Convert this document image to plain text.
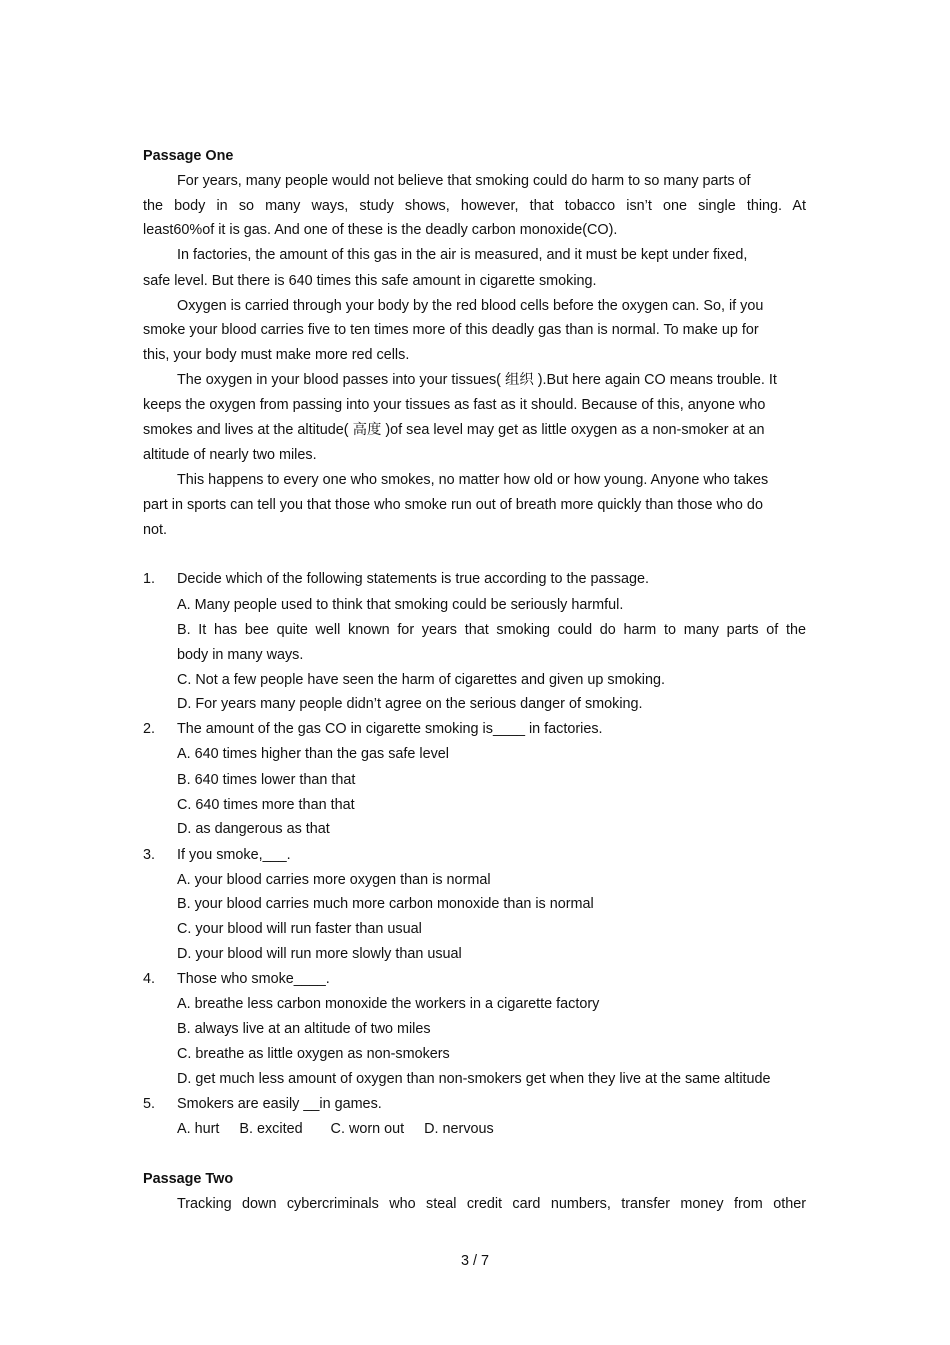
Passage One
For years, many people would not believe that smoking could do harm to so many parts of
the body in so many ways, study shows, however, that tobacco isn’t one single thing. At
least60%of it is gas. And one of these is the deadly carbon monoxide(CO).
In factories, the amount of this gas in the air is measured, and it must be kept under fixed,
safe level. But there is 640 times this safe amount in cigarette smoking.
Oxygen is carried through your body by the red blood cells before the oxygen can. So, if you
smoke your blood carries five to ten times more of this deadly gas than is normal. To make up for
this, your body must make more red cells.
The oxygen in your blood passes into your tissues( 组织 ).But here again CO means trouble. It
keeps the oxygen from passing into your tissues as fast as it should. Because of this, anyone who
smokes and lives at the altitude( 高度 )of sea level may get as little oxygen as a non-smoker at an
altitude of nearly two miles.
This happens to every one who smokes, no matter how old or how young. Anyone who takes
part in sports can tell you that those who smoke run out of breath more quickly than those who do
not.
1. Decide which of the following statements is true according to the passage.
A. Many people used to think that smoking could be seriously harmful.
B. It has bee quite well known for years that smoking could do harm to many parts of the
body in many ways.
C. Not a few people have seen the harm of cigarettes and given up smoking.
D. For years many people didn’t agree on the serious danger of smoking.
2. The amount of the gas CO in cigarette smoking is____ in factories.
A. 640 times higher than the gas safe level
B. 640 times lower than that
C. 640 times more than that
D. as dangerous as that
3. If you smoke,___.
A. your blood carries more oxygen than is normal
B. your blood carries much more carbon monoxide than is normal
C. your blood will run faster than usual
D. your blood will run more slowly than usual
4. Those who smoke____.
A. breathe less carbon monoxide the workers in a cigarette factory
B. always live at an altitude of two miles
C. breathe as little oxygen as non-smokers
D. get much less amount of oxygen than non-smokers get when they live at the same altitude
5. Smokers are easily __in games.
A. hurt     B. excited       C. worn out     D. nervous
Passage Two
Tracking down cybercriminals who steal credit card numbers, transfer money from other
3 / 7
